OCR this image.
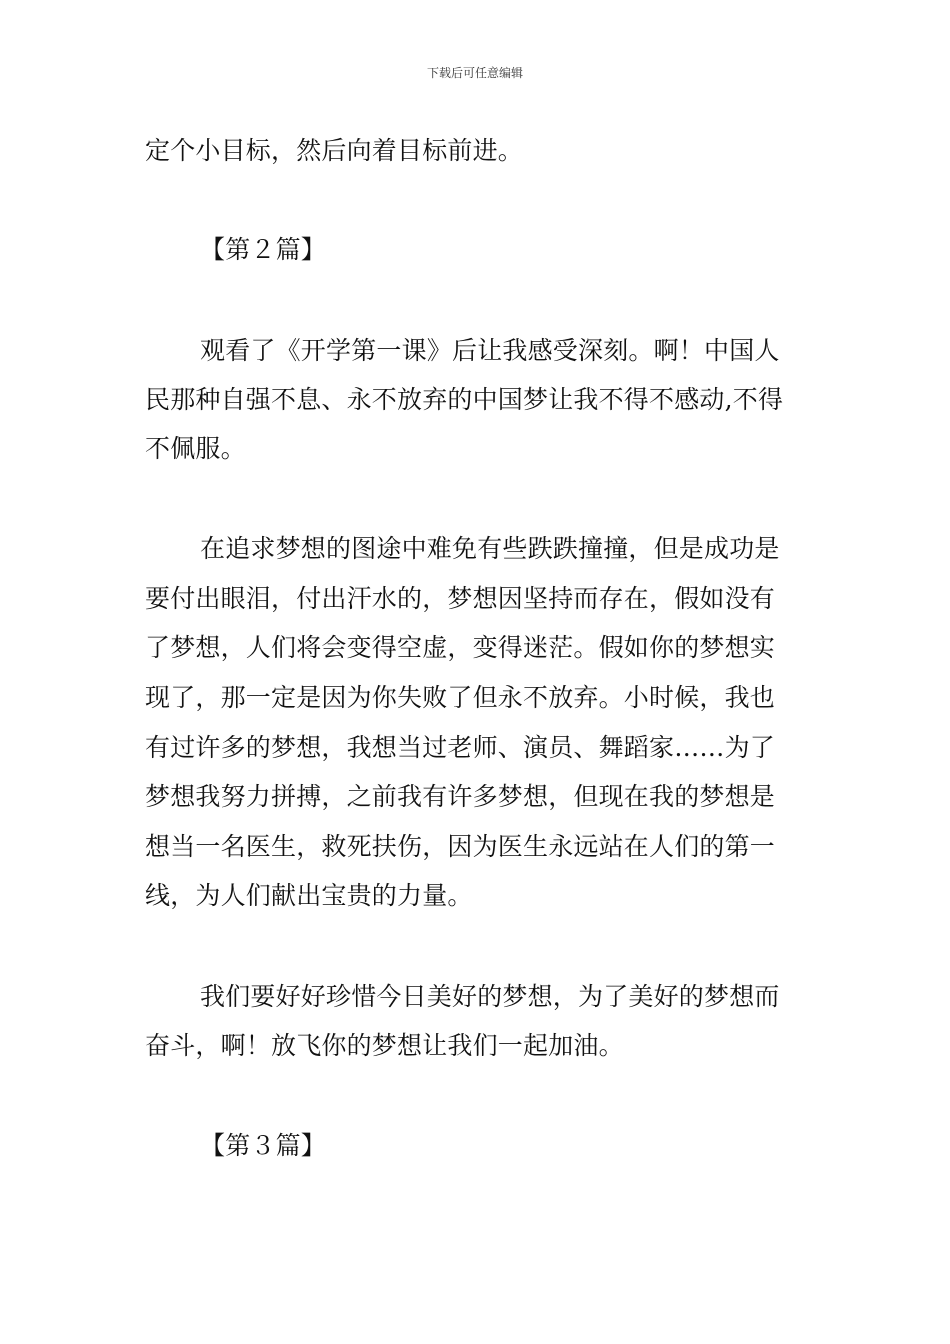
下载后可任意编辑
定个小目标，然后向着目标前进。
【第２篇】
观看了《开学第一课》后让我感受深刻。啊！中国人
民那种自强不息、永不放弃的中国梦让我不得不感动,不得
不佩服。
在追求梦想的图途中难免有些跌跌撞撞，但是成功是
要付出眼泪，付出汗水的，梦想因坚持而存在，假如没有
了梦想，人们将会变得空虚，变得迷茫。假如你的梦想实
现了，那一定是因为你失败了但永不放弃。小时候，我也
有过许多的梦想，我想当过老师、演员、舞蹈家……为了
梦想我努力拼搏，之前我有许多梦想，但现在我的梦想是
想当一名医生，救死扶伤，因为医生永远站在人们的第一
线，为人们献出宝贵的力量。
我们要好好珍惜今日美好的梦想，为了美好的梦想而
奋斗，啊！放飞你的梦想让我们一起加油。
【第３篇】
